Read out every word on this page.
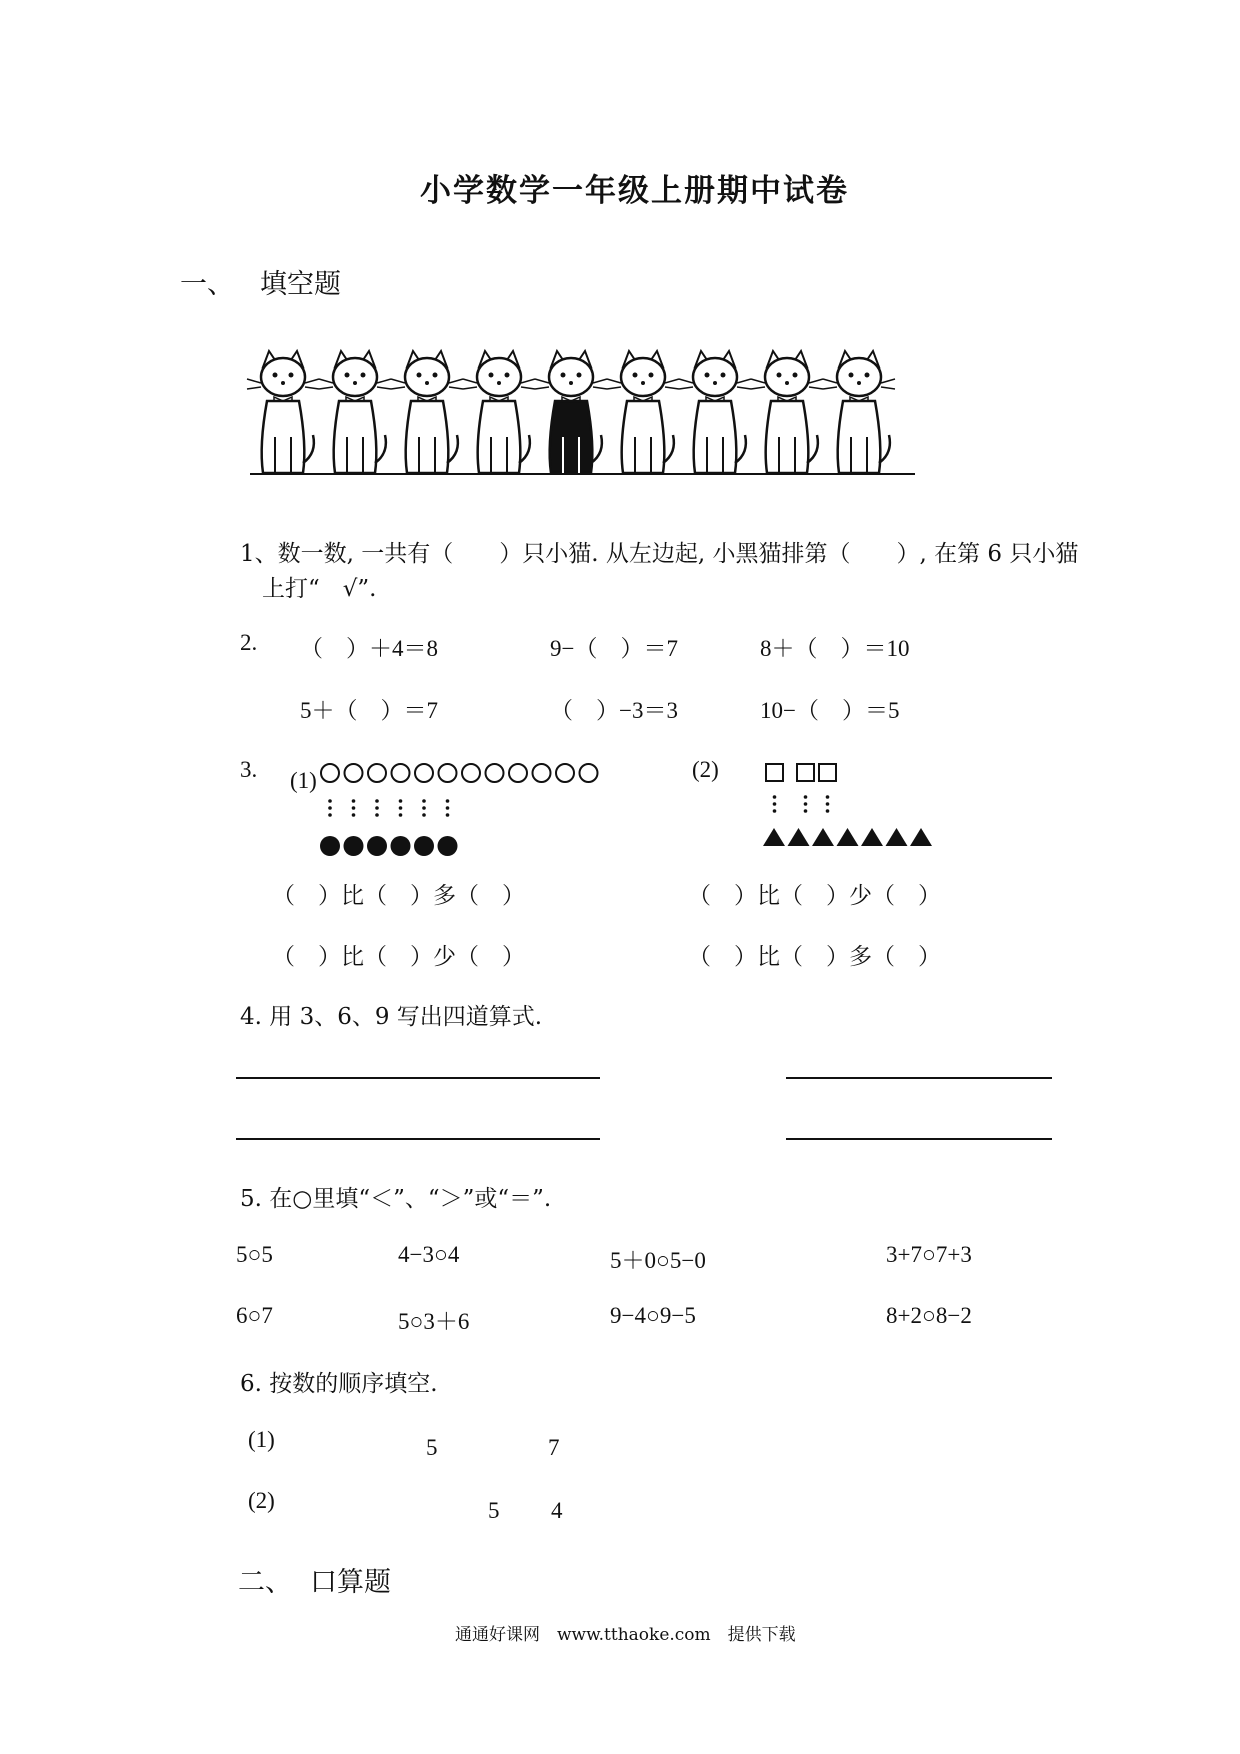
小学数学一年级上册期中试卷
一、 填空题
1、数一数, 一共有（　　）只小猫. 从左边起, 小黑猫排第（　　）, 在第 6 只小猫
上打“　√”.
2. （　）＋4＝8	9−（　）＝7	8＋（　）＝10
5＋（　）＝7	（　）−3＝3	10−（　）＝5
3. (1)	(2)
（　）比（　）多（　）
（　）比（　）少（　）
（　）比（　）少（　）
（　）比（　）多（　）
4. 用 3、6、9 写出四道算式.
5. 在○里填“＜”、“＞”或“＝”.
5○5	4−3○4	5＋0○5−0	3+7○7+3
6○7	5○3＋6	9−4○9−5	8+2○8−2
6. 按数的顺序填空.
(1)	5	7
(2)	5 4
二、 口算题
通通好课网　www.tthaoke.com　提供下载
